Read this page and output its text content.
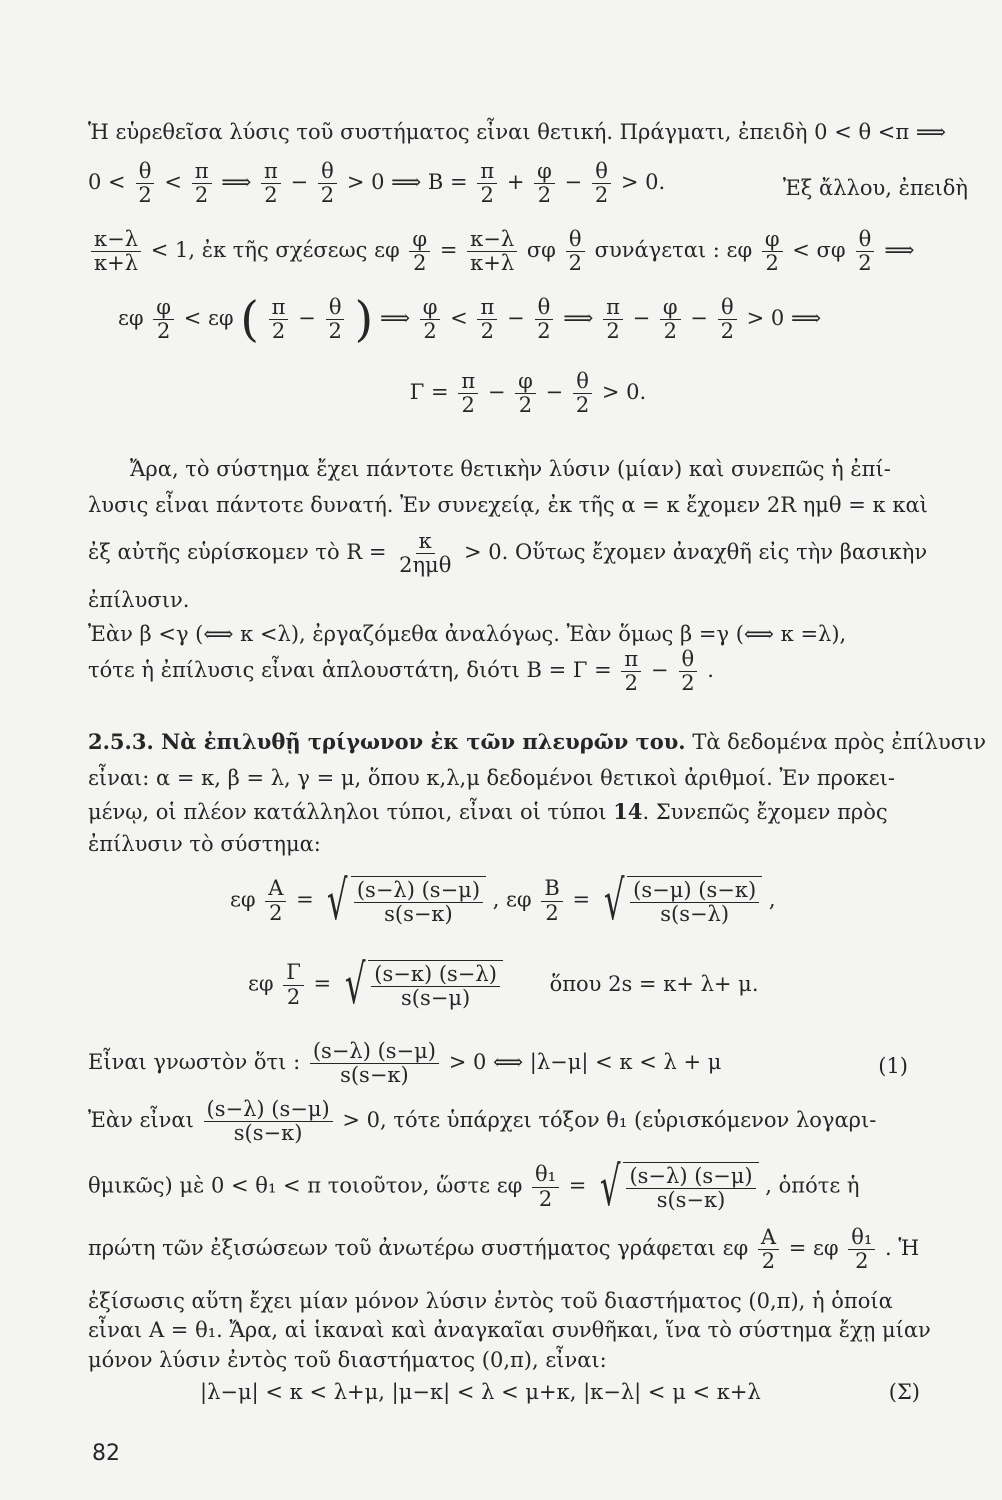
Ἡ εὑρεθεῖσα λύσις τοῦ συστήματος εἶναι θετική. Πράγματι, ἐπειδὴ 0 < θ <π ⟹
$0 < \frac{\theta}{2} < \frac{\pi}{2}$ ⟹ $\frac{\pi}{2} - \frac{\theta}{2} > 0$ ⟹ $B = \frac{\pi}{2} + \frac{\varphi}{2} - \frac{\theta}{2} > 0$.	Ἐξ ἄλλου, ἐπειδὴ
$\frac{\kappa-\lambda}{\kappa+\lambda} < 1$, ἐκ τῆς σχέσεως εφ $\frac{\varphi}{2} = \frac{\kappa-\lambda}{\kappa+\lambda}$ σφ $\frac{\theta}{2}$ συνάγεται : εφ $\frac{\varphi}{2} < \sigma\varphi \frac{\theta}{2}$ ⟹
εφ $\frac{\varphi}{2} < \varepsilon\varphi$ ( $\frac{\pi}{2} - \frac{\theta}{2}$ ) ⟹ $\frac{\varphi}{2} < \frac{\pi}{2} - \frac{\theta}{2}$ ⟹ $\frac{\pi}{2} - \frac{\varphi}{2} - \frac{\theta}{2} > 0$ ⟹
$\Gamma = \frac{\pi}{2} - \frac{\varphi}{2} - \frac{\theta}{2} > 0$.
Ἄρα, τὸ σύστημα ἔχει πάντοτε θετικὴν λύσιν (μίαν) καὶ συνεπῶς ἡ ἐπί-
λυσις εἶναι πάντοτε δυνατή. Ἐν συνεχείᾳ, ἐκ τῆς α = κ ἔχομεν 2R ημθ = κ καὶ
ἐξ αὐτῆς εὑρίσκομεν τὸ R = κ
2ημθ
> 0. Οὕτως ἔχομεν ἀναχθῆ εἰς τὴν βασικὴν
ἐπίλυσιν.
Ἐὰν β <γ (⟺ κ <λ), ἐργαζόμεθα ἀναλόγως. Ἐὰν ὅμως β =γ (⟺ κ =λ),
τότε ἡ ἐπίλυσις εἶναι ἁπλουστάτη, διότι $B = \Gamma = \frac{\pi}{2} - \frac{\theta}{2}$ .
2.5.3. Νὰ ἐπιλυθῇ τρίγωνον ἐκ τῶν πλευρῶν του. Τὰ δεδομένα πρὸς ἐπίλυσιν
εἶναι: α = κ, β = λ, γ = μ, ὅπου κ,λ,μ δεδομένοι θετικοὶ ἀριθμοί. Ἐν προκει-
μένῳ, οἱ πλέον κατάλληλοι τύποι, εἶναι οἱ τύποι 14. Συνεπῶς ἔχομεν πρὸς
ἐπίλυσιν τὸ σύστημα:
εφ $\frac{A}{2}$ = √ $\frac{(s-\lambda) (s-\mu)}{s(s-\kappa)}$ , εφ $\frac{B}{2}$ = √ $\frac{(s-\mu) (s-\kappa)}{s(s-\lambda)}$ ,
εφ $\frac{\Gamma}{2}$ = √ $\frac{(s-\kappa) (s-\lambda)}{s(s-\mu)}$ ὅπου 2s = κ+ λ+ μ.
Εἶναι γνωστὸν ὅτι : $\frac{(s-\lambda) (s-\mu)}{s(s-\kappa)} > 0$ ⟺ |λ−μ| < κ < λ + μ	(1)
Ἐὰν εἶναι $\frac{(s-\lambda) (s-\mu)}{s(s-\kappa)} > 0$, τότε ὑπάρχει τόξον θ₁ (εὑρισκόμενον λογαρι-
θμικῶς) μὲ 0 < θ₁ < π τοιοῦτον, ὥστε εφ $\frac{\text{θ₁}}{2}$ = √ $\frac{(s-\lambda) (s-\mu)}{s(s-\kappa)}$ , ὁπότε ἡ
πρώτη τῶν ἐξισώσεων τοῦ ἀνωτέρω συστήματος γράφεται εφ $\frac{A}{2} = \varepsilon\varphi \frac{\text{θ₁}}{2}$ . Ἡ
ἐξίσωσις αὕτη ἔχει μίαν μόνον λύσιν ἐντὸς τοῦ διαστήματος (0,π), ἡ ὁποία
εἶναι A = θ₁. Ἄρα, αἱ ἱκαναὶ καὶ ἀναγκαῖαι συνθῆκαι, ἵνα τὸ σύστημα ἔχῃ μίαν
μόνον λύσιν ἐντὸς τοῦ διαστήματος (0,π), εἶναι:
|λ−μ| < κ < λ+μ, |μ−κ| < λ < μ+κ, |κ−λ| < μ < κ+λ	(Σ)
82
